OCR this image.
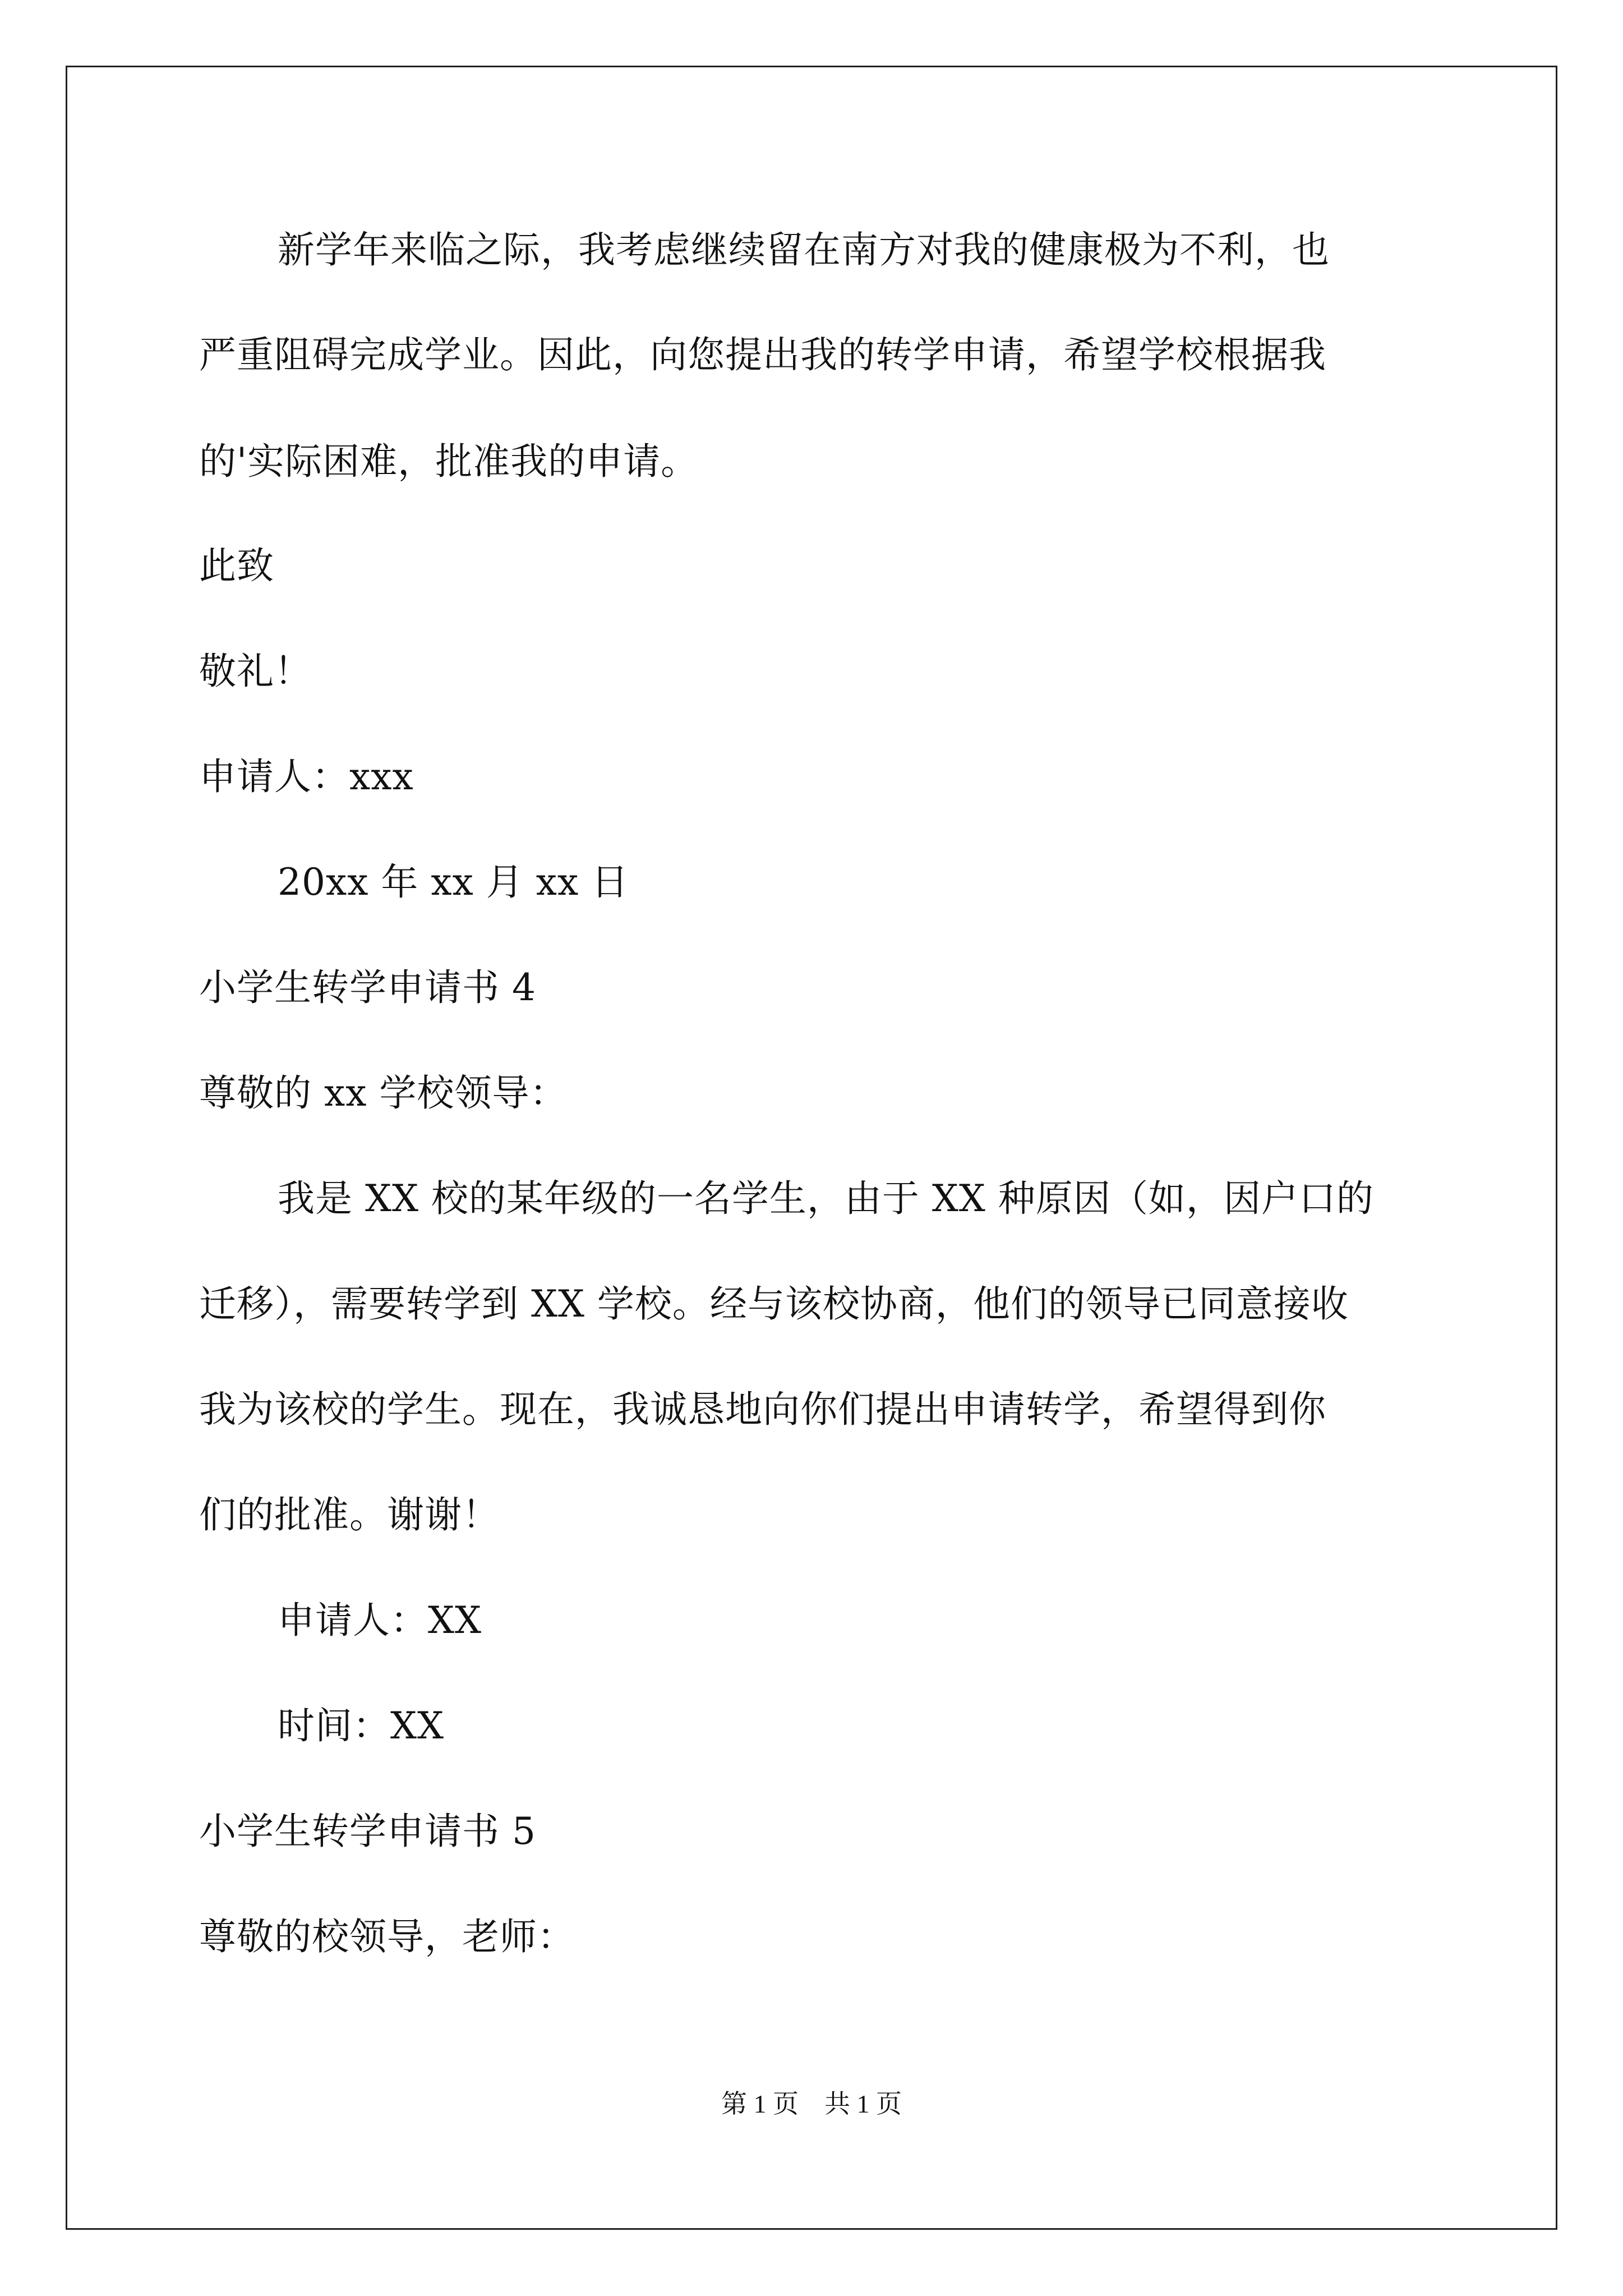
新学年来临之际，我考虑继续留在南方对我的健康极为不利，也
严重阻碍完成学业。因此，向您提出我的转学申请，希望学校根据我
的'实际困难，批准我的申请。
此致
敬礼！
申请人：xxx
20xx 年 xx 月 xx 日
小学生转学申请书 4
尊敬的 xx 学校领导：
我是 XX 校的某年级的一名学生，由于 XX 种原因（如，因户口的
迁移），需要转学到 XX 学校。经与该校协商，他们的领导已同意接收
我为该校的学生。现在，我诚恳地向你们提出申请转学，希望得到你
们的批准。谢谢！
申请人：XX
时间：XX
小学生转学申请书 5
尊敬的校领导，老师：
第 1 页　共 1 页
